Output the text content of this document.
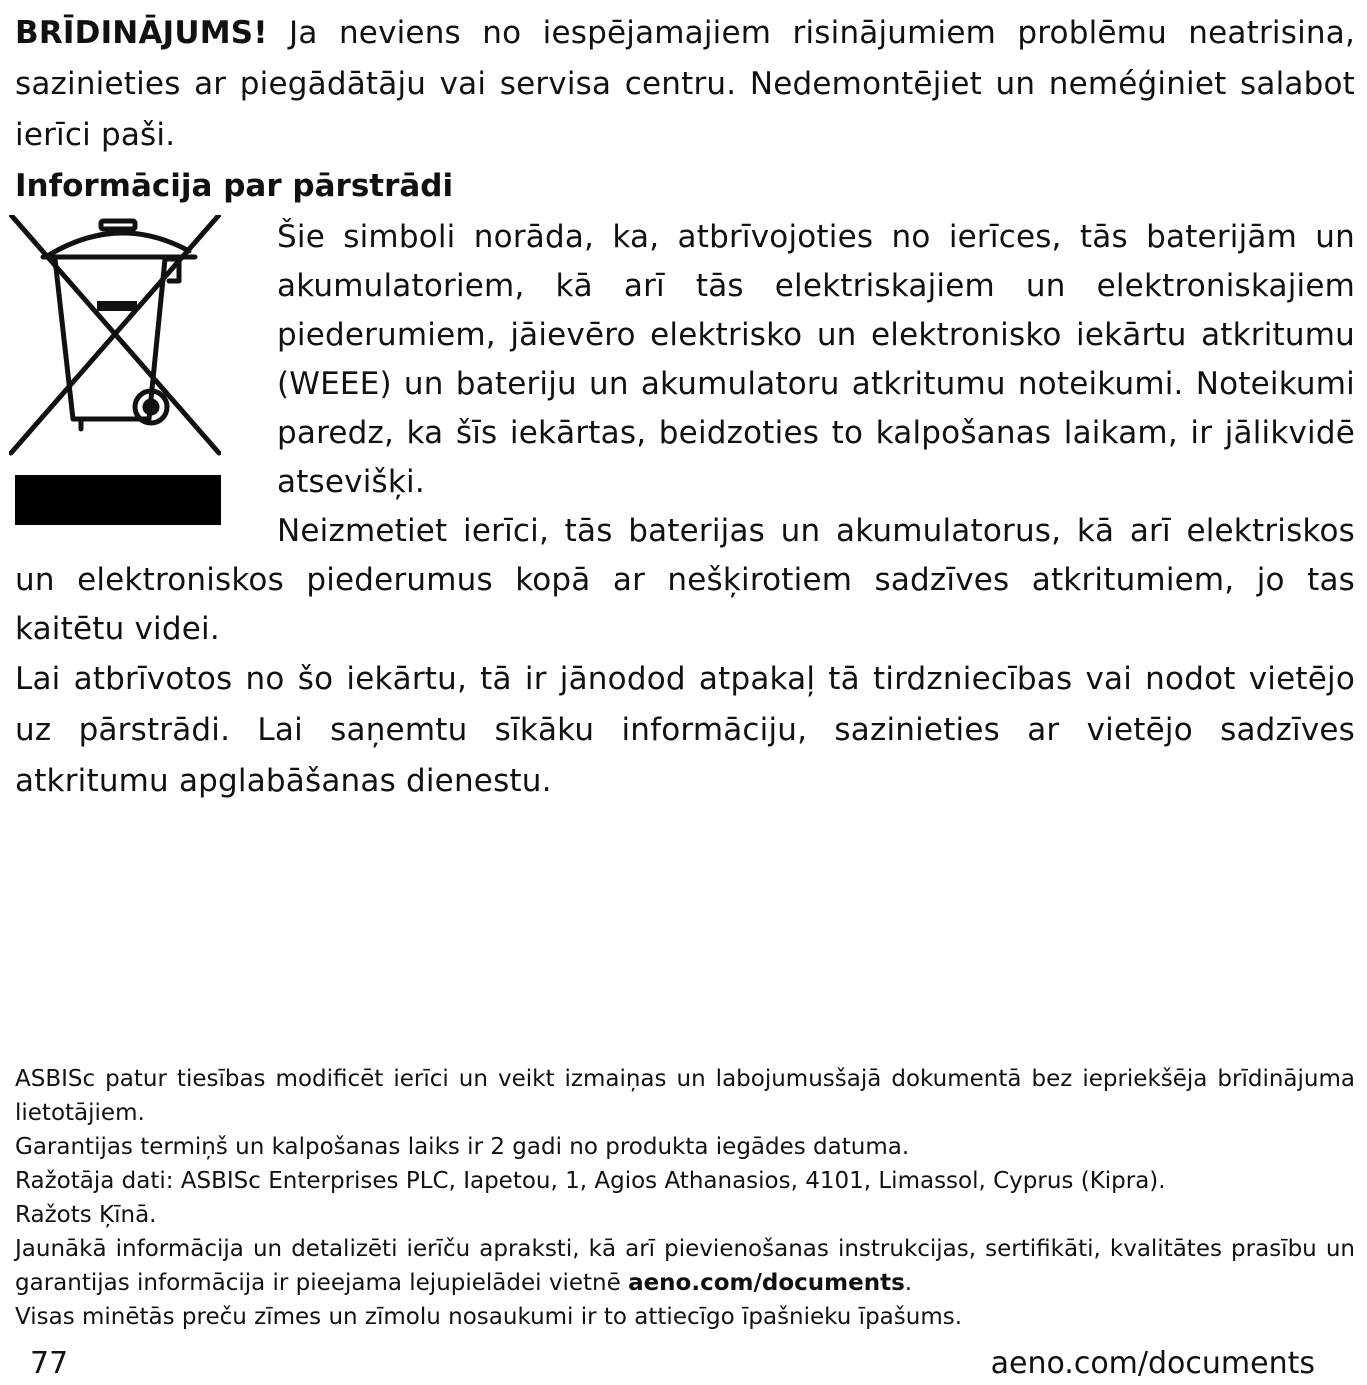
BRĪDINĀJUMS! Ja neviens no iespējamajiem risinājumiem problēmu neatrisina, sazinieties ar piegādātāju vai servisa centru. Nedemontējiet un neméģiniet salabot ierīci paši.

Informācija par pārstrādi

Šie simboli norāda, ka, atbrīvojoties no ierīces, tās baterijām un akumulatoriem, kā arī tās elektriskajiem un elektroniskajiem piederumiem, jāievēro elektrisko un elektronisko iekārtu atkritumu (WEEE) un bateriju un akumulatoru atkritumu noteikumi. Noteikumi paredz, ka šīs iekārtas, beidzoties to kalpošanas laikam, ir jālikvidē atsevišķi.

Neizmetiet ierīci, tās baterijas un akumulatorus, kā arī elektriskos un elektroniskos piederumus kopā ar nešķirotiem sadzīves atkritumiem, jo tas kaitētu videi.

Lai atbrīvotos no šo iekārtu, tā ir jānodod atpakaļ tā tirdzniecības vai nodot vietējo uz pārstrādi. Lai saņemtu sīkāku informāciju, sazinieties ar vietējo sadzīves atkritumu apglabāšanas dienestu.

ASBISc patur tiesības modificēt ierīci un veikt izmaiņas un labojumusšajā dokumentā bez iepriekšēja brīdinājuma lietotājiem.

Garantijas termiņš un kalpošanas laiks ir 2 gadi no produkta iegādes datuma.

Ražotāja dati: ASBISc Enterprises PLC, Iapetou, 1, Agios Athanasios, 4101, Limassol, Cyprus (Kipra).

Ražots Ķīnā.

Jaunākā informācija un detalizēti ierīču apraksti, kā arī pievienošanas instrukcijas, sertifikāti, kvalitātes prasību un garantijas informācija ir pieejama lejupielādei vietnē aeno.com/documents.

Visas minētās preču zīmes un zīmolu nosaukumi ir to attiecīgo īpašnieku īpašums.

77	aeno.com/documents
